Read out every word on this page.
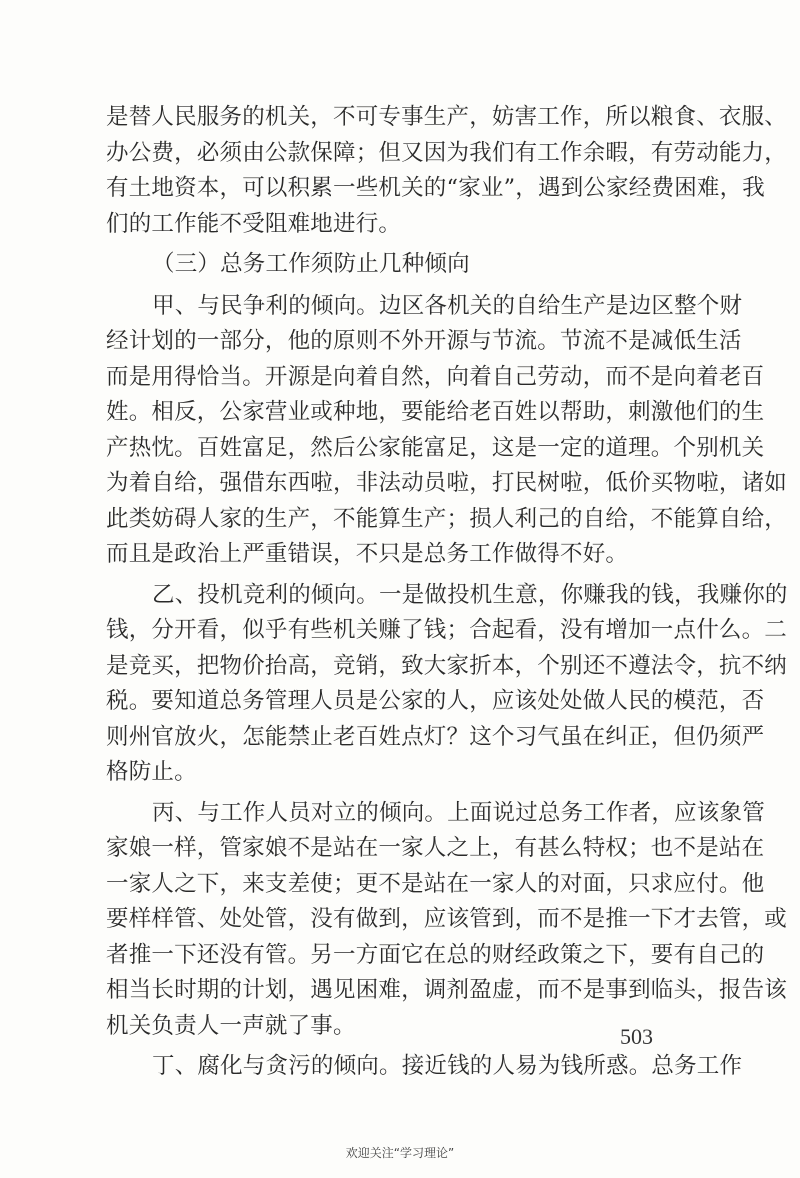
是替人民服务的机关，不可专事生产，妨害工作，所以粮食、衣服、
办公费，必须由公款保障；但又因为我们有工作余暇，有劳动能力，
有土地资本，可以积累一些机关的“家业”，遇到公家经费困难，我
们的工作能不受阻难地进行。
（三）总务工作须防止几种倾向
甲、与民争利的倾向。边区各机关的自给生产是边区整个财
经计划的一部分，他的原则不外开源与节流。节流不是减低生活
而是用得恰当。开源是向着自然，向着自己劳动，而不是向着老百
姓。相反，公家营业或种地，要能给老百姓以帮助，刺激他们的生
产热忱。百姓富足，然后公家能富足，这是一定的道理。个别机关
为着自给，强借东西啦，非法动员啦，打民树啦，低价买物啦，诸如
此类妨碍人家的生产，不能算生产；损人利己的自给，不能算自给，
而且是政治上严重错误，不只是总务工作做得不好。
乙、投机竞利的倾向。一是做投机生意，你赚我的钱，我赚你的
钱，分开看，似乎有些机关赚了钱；合起看，没有增加一点什么。二
是竞买，把物价抬高，竞销，致大家折本，个别还不遵法令，抗不纳
税。要知道总务管理人员是公家的人，应该处处做人民的模范，否
则州官放火，怎能禁止老百姓点灯？这个习气虽在纠正，但仍须严
格防止。
丙、与工作人员对立的倾向。上面说过总务工作者，应该象管
家娘一样，管家娘不是站在一家人之上，有甚么特权；也不是站在
一家人之下，来支差使；更不是站在一家人的对面，只求应付。他
要样样管、处处管，没有做到，应该管到，而不是推一下才去管，或
者推一下还没有管。另一方面它在总的财经政策之下，要有自己的
相当长时期的计划，遇见困难，调剂盈虚，而不是事到临头，报告该
机关负责人一声就了事。
丁、腐化与贪污的倾向。接近钱的人易为钱所惑。总务工作
503
欢迎关注“学习理论”
